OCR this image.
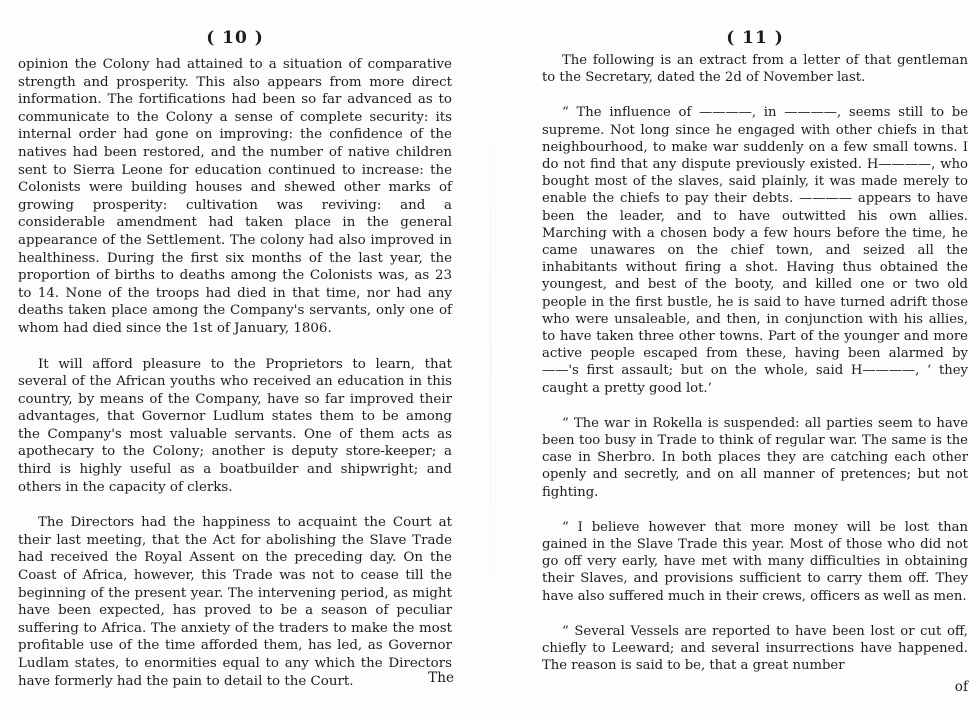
( 10 )

opinion the Colony had attained to a situation of comparative strength and prosperity. This also appears from more direct information. The fortifications had been so far advanced as to communicate to the Colony a sense of complete security: its internal order had gone on improving: the confidence of the natives had been restored, and the number of native children sent to Sierra Leone for education continued to increase: the Colonists were building houses and shewed other marks of growing prosperity: cultivation was reviving: and a considerable amendment had taken place in the general appearance of the Settlement. The colony had also improved in healthiness. During the first six months of the last year, the proportion of births to deaths among the Colonists was, as 23 to 14. None of the troops had died in that time, nor had any deaths taken place among the Company's servants, only one of whom had died since the 1st of January, 1806.

It will afford pleasure to the Proprietors to learn, that several of the African youths who received an education in this country, by means of the Company, have so far improved their advantages, that Governor Ludlum states them to be among the Company's most valuable servants. One of them acts as apothecary to the Colony; another is deputy store-keeper; a third is highly useful as a boatbuilder and shipwright; and others in the capacity of clerks.

The Directors had the happiness to acquaint the Court at their last meeting, that the Act for abolishing the Slave Trade had received the Royal Assent on the preceding day. On the Coast of Africa, however, this Trade was not to cease till the beginning of the present year. The intervening period, as might have been expected, has proved to be a season of peculiar suffering to Africa. The anxiety of the traders to make the most profitable use of the time afforded them, has led, as Governor Ludlam states, to enormities equal to any which the Directors have formerly had the pain to detail to the Court.	The
( 11 )

The following is an extract from a letter of that gentleman to the Secretary, dated the 2d of November last.

“ The influence of ————, in ————, seems still to be supreme. Not long since he engaged with other chiefs in that neighbourhood, to make war suddenly on a few small towns. I do not find that any dispute previously existed. H————, who bought most of the slaves, said plainly, it was made merely to enable the chiefs to pay their debts. ———— appears to have been the leader, and to have outwitted his own allies. Marching with a chosen body a few hours before the time, he came unawares on the chief town, and seized all the inhabitants without firing a shot. Having thus obtained the youngest, and best of the booty, and killed one or two old people in the first bustle, he is said to have turned adrift those who were unsaleable, and then, in conjunction with his allies, to have taken three other towns. Part of the younger and more active people escaped from these, having been alarmed by ——'s first assault; but on the whole, said H————, ‘ they caught a pretty good lot.’

“ The war in Rokella is suspended: all parties seem to have been too busy in Trade to think of regular war. The same is the case in Sherbro. In both places they are catching each other openly and secretly, and on all manner of pretences; but not fighting.

“ I believe however that more money will be lost than gained in the Slave Trade this year. Most of those who did not go off very early, have met with many difficulties in obtaining their Slaves, and provisions sufficient to carry them off. They have also suffered much in their crews, officers as well as men.

“ Several Vessels are reported to have been lost or cut off, chiefly to Leeward; and several insurrections have happened. The reason is said to be, that a great number

of
